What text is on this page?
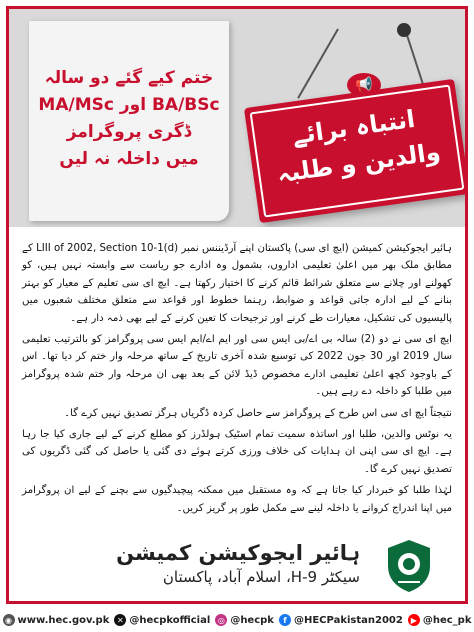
ختم کیے گئے دو سالہ
BA/BSc اور MA/MSc
ڈگری پروگرامز
میں داخلہ نہ لیں
📢
انتباہ برائے
والدین و طلبہ

ہائیر ایجوکیشن کمیشن (ایچ ای سی) پاکستان اپنے آرڈیننس نمبر LIII of 2002, Section 10-1(d) کے مطابق ملک بھر میں اعلیٰ تعلیمی اداروں، بشمول وہ ادارے جو ریاست سے وابستہ نہیں ہیں، کو کھولنے اور چلانے سے متعلق شرائط قائم کرنے کا اختیار رکھتا ہے۔ ایچ ای سی تعلیم کے معیار کو بہتر بنانے کے لیے ادارہ جاتی قواعد و ضوابط، رہنما خطوط اور قواعد سے متعلق مختلف شعبوں میں پالیسیوں کی تشکیل، معیارات طے کرنے اور ترجیحات کا تعین کرنے کے لیے بھی ذمہ دار ہے۔

ایچ ای سی نے دو (2) سالہ بی اے/بی ایس سی اور ایم اے/ایم ایس سی پروگرامز کو بالترتیب تعلیمی سال 2019 اور 30 جون 2022 کی توسیع شدہ آخری تاریخ کے ساتھ مرحلہ وار ختم کر دیا تھا۔ اس کے باوجود کچھ اعلیٰ تعلیمی ادارے مخصوص ڈیڈ لائن کے بعد بھی ان مرحلہ وار ختم شدہ پروگرامز میں طلبا کو داخلہ دے رہے ہیں۔

نتیجتاً ایچ ای سی اس طرح کے پروگرامز سے حاصل کردہ ڈگریاں ہرگز تصدیق نہیں کرے گا۔

یہ نوٹس والدین، طلبا اور اساتذہ سمیت تمام اسٹیک ہولڈرز کو مطلع کرنے کے لیے جاری کیا جا رہا ہے۔ ایچ ای سی اپنی ان ہدایات کی خلاف ورزی کرتے ہوئے دی گئی یا حاصل کی گئی ڈگریوں کی تصدیق نہیں کرے گا۔

لہٰذا طلبا کو خبردار کیا جاتا ہے کہ وہ مستقبل میں ممکنہ پیچیدگیوں سے بچنے کے لیے ان پروگرامز میں اپنا اندراج کروانے یا داخلہ لینے سے مکمل طور پر گریز کریں۔

ہائیر ایجوکیشن کمیشن
سیکٹر H-9، اسلام آباد، پاکستان
◉ www.hec.gov.pk ✕ @hecpkofficial ◎ @hecpk	f @HECPakistan2002 ▶ @hec_pk
